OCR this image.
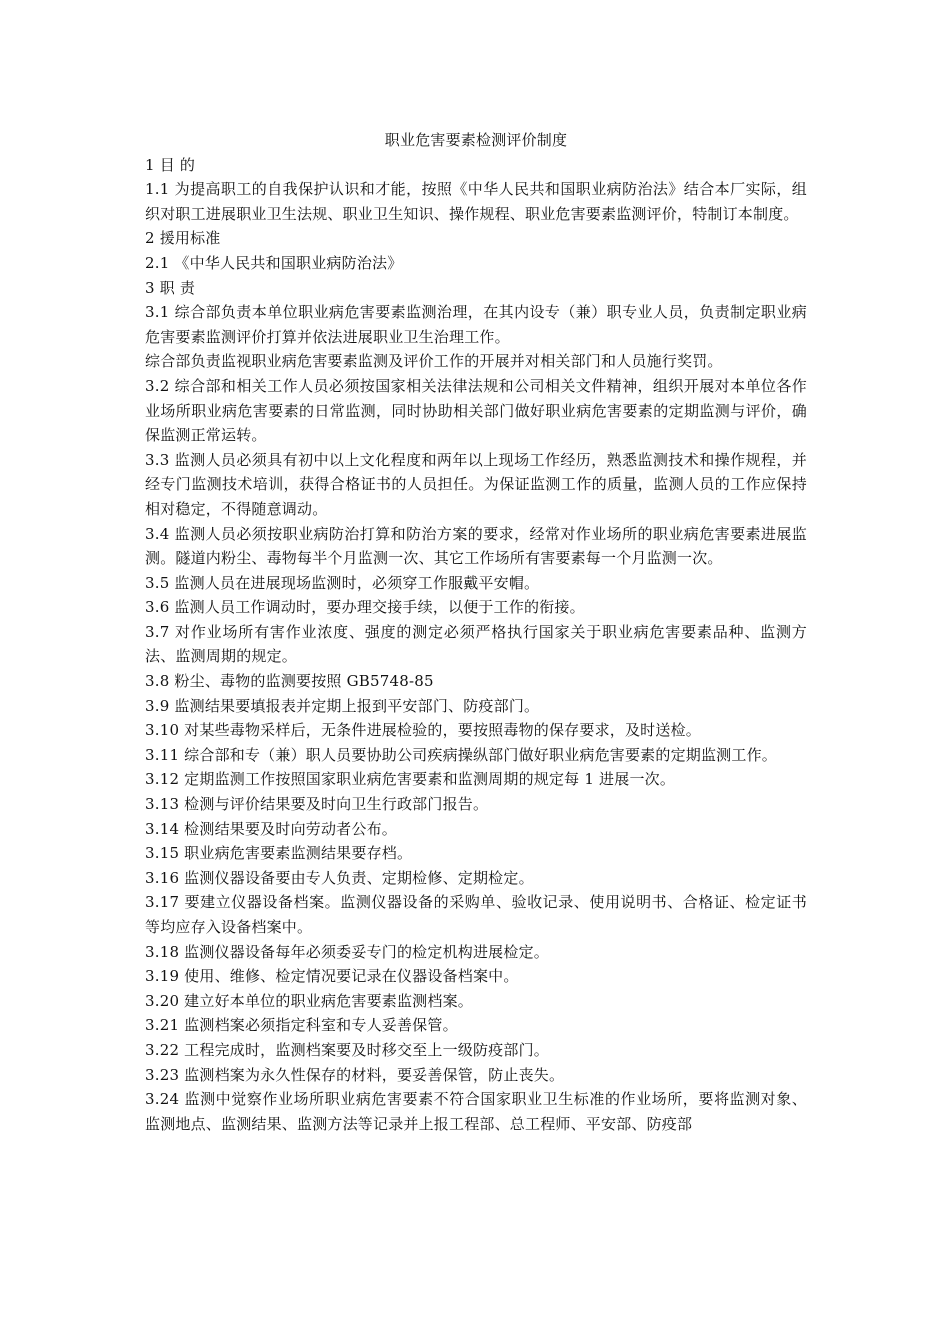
职业危害要素检测评价制度

1 目 的

1.1 为提高职工的自我保护认识和才能，按照《中华人民共和国职业病防治法》结合本厂实际，组织对职工进展职业卫生法规、职业卫生知识、操作规程、职业危害要素监测评价，特制订本制度。

2 援用标准

2.1 《中华人民共和国职业病防治法》

3 职 责

3.1 综合部负责本单位职业病危害要素监测治理，在其内设专（兼）职专业人员，负责制定职业病危害要素监测评价打算并依法进展职业卫生治理工作。

综合部负责监视职业病危害要素监测及评价工作的开展并对相关部门和人员施行奖罚。

3.2 综合部和相关工作人员必须按国家相关法律法规和公司相关文件精神，组织开展对本单位各作业场所职业病危害要素的日常监测，同时协助相关部门做好职业病危害要素的定期监测与评价，确保监测正常运转。

3.3 监测人员必须具有初中以上文化程度和两年以上现场工作经历，熟悉监测技术和操作规程，并经专门监测技术培训，获得合格证书的人员担任。为保证监测工作的质量，监测人员的工作应保持相对稳定，不得随意调动。

3.4 监测人员必须按职业病防治打算和防治方案的要求，经常对作业场所的职业病危害要素进展监测。隧道内粉尘、毒物每半个月监测一次、其它工作场所有害要素每一个月监测一次。

3.5 监测人员在进展现场监测时，必须穿工作服戴平安帽。

3.6 监测人员工作调动时，要办理交接手续，以便于工作的衔接。

3.7 对作业场所有害作业浓度、强度的测定必须严格执行国家关于职业病危害要素品种、监测方法、监测周期的规定。

3.8 粉尘、毒物的监测要按照 GB5748-85

3.9 监测结果要填报表并定期上报到平安部门、防疫部门。

3.10 对某些毒物采样后，无条件进展检验的，要按照毒物的保存要求，及时送检。

3.11 综合部和专（兼）职人员要协助公司疾病操纵部门做好职业病危害要素的定期监测工作。

3.12 定期监测工作按照国家职业病危害要素和监测周期的规定每 1 进展一次。

3.13 检测与评价结果要及时向卫生行政部门报告。

3.14 检测结果要及时向劳动者公布。

3.15 职业病危害要素监测结果要存档。

3.16 监测仪器设备要由专人负责、定期检修、定期检定。

3.17 要建立仪器设备档案。监测仪器设备的采购单、验收记录、使用说明书、合格证、检定证书等均应存入设备档案中。

3.18 监测仪器设备每年必须委妥专门的检定机构进展检定。

3.19 使用、维修、检定情况要记录在仪器设备档案中。

3.20 建立好本单位的职业病危害要素监测档案。

3.21 监测档案必须指定科室和专人妥善保管。

3.22 工程完成时，监测档案要及时移交至上一级防疫部门。

3.23 监测档案为永久性保存的材料，要妥善保管，防止丧失。

3.24 监测中觉察作业场所职业病危害要素不符合国家职业卫生标准的作业场所，要将监测对象、监测地点、监测结果、监测方法等记录并上报工程部、总工程师、平安部、防疫部
